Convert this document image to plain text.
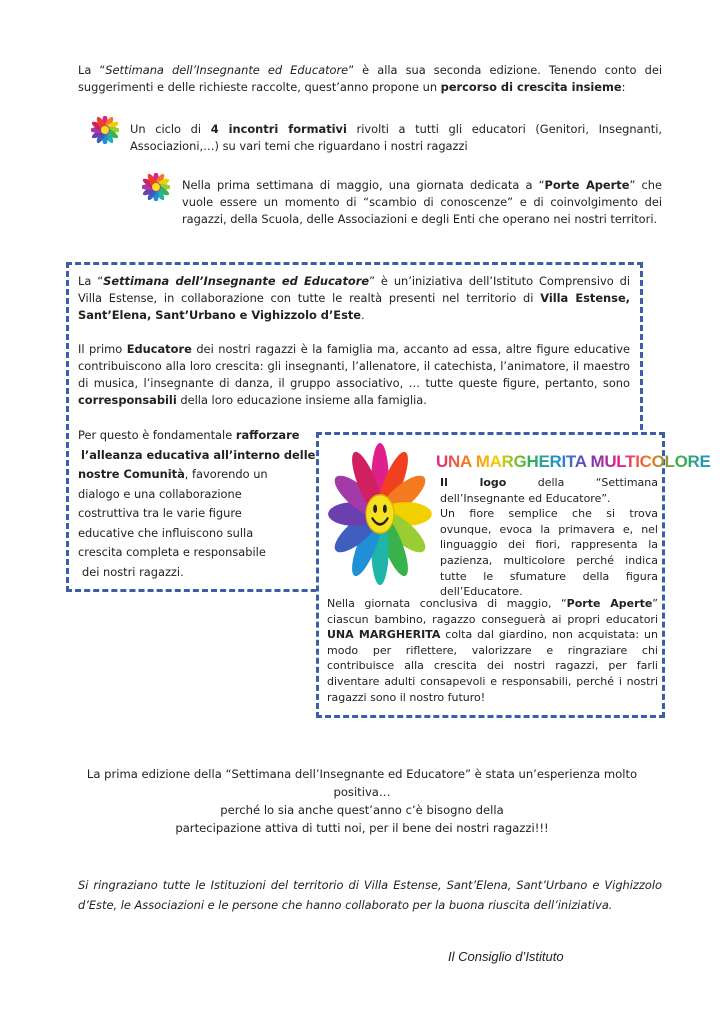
La “Settimana dell’Insegnante ed Educatore” è alla sua seconda edizione. Tenendo conto dei suggerimenti e delle richieste raccolte, quest’anno propone un percorso di crescita insieme:
Un ciclo di 4 incontri formativi rivolti a tutti gli educatori (Genitori, Insegnanti, Associazioni,…) su vari temi che riguardano i nostri ragazzi
Nella prima settimana di maggio, una giornata dedicata a “Porte Aperte” che vuole essere un momento di “scambio di conoscenze” e di coinvolgimento dei ragazzi, della Scuola, delle Associazioni e degli Enti che operano nei nostri territori.
La “Settimana dell’Insegnante ed Educatore” è un’iniziativa dell’Istituto Comprensivo di Villa Estense, in collaborazione con tutte le realtà presenti nel territorio di Villa Estense, Sant’Elena, Sant’Urbano e Vighizzolo d’Este.
Il primo Educatore dei nostri ragazzi è la famiglia ma, accanto ad essa, altre figure educative contribuiscono alla loro crescita: gli insegnanti, l’allenatore, il catechista, l’animatore, il maestro di musica, l’insegnante di danza, il gruppo associativo, … tutte queste figure, pertanto, sono corresponsabili della loro educazione insieme alla famiglia.
Per questo è fondamentale rafforzare
l’alleanza educativa all’interno delle
nostre Comunità, favorendo un
dialogo e una collaborazione
costruttiva tra le varie figure
educative che influiscono sulla
crescita completa e responsabile
dei nostri ragazzi.
UNA MARGHERITA MULTICOLORE
Il logo della “Settimana dell’Insegnante ed Educatore”.
Un fiore semplice che si trova ovunque, evoca la primavera e, nel linguaggio dei fiori, rappresenta la pazienza, multicolore perché indica tutte le sfumature della figura dell’Educatore.
Nella giornata conclusiva di maggio, “Porte Aperte” ciascun bambino, ragazzo conseguerà ai propri educatori UNA MARGHERITA colta dal giardino, non acquistata: un modo per riflettere, valorizzare e ringraziare chi contribuisce alla crescita dei nostri ragazzi, per farli diventare adulti consapevoli e responsabili, perché i nostri ragazzi sono il nostro futuro!
La prima edizione della “Settimana dell’Insegnante ed Educatore” è stata un’esperienza molto positiva…
perché lo sia anche quest’anno c’è bisogno della
partecipazione attiva di tutti noi, per il bene dei nostri ragazzi!!!
Si ringraziano tutte le Istituzioni del territorio di Villa Estense, Sant’Elena, Sant’Urbano e Vighizzolo d’Este, le Associazioni e le persone che hanno collaborato per la buona riuscita dell’iniziativa.
Il Consiglio d’Istituto
